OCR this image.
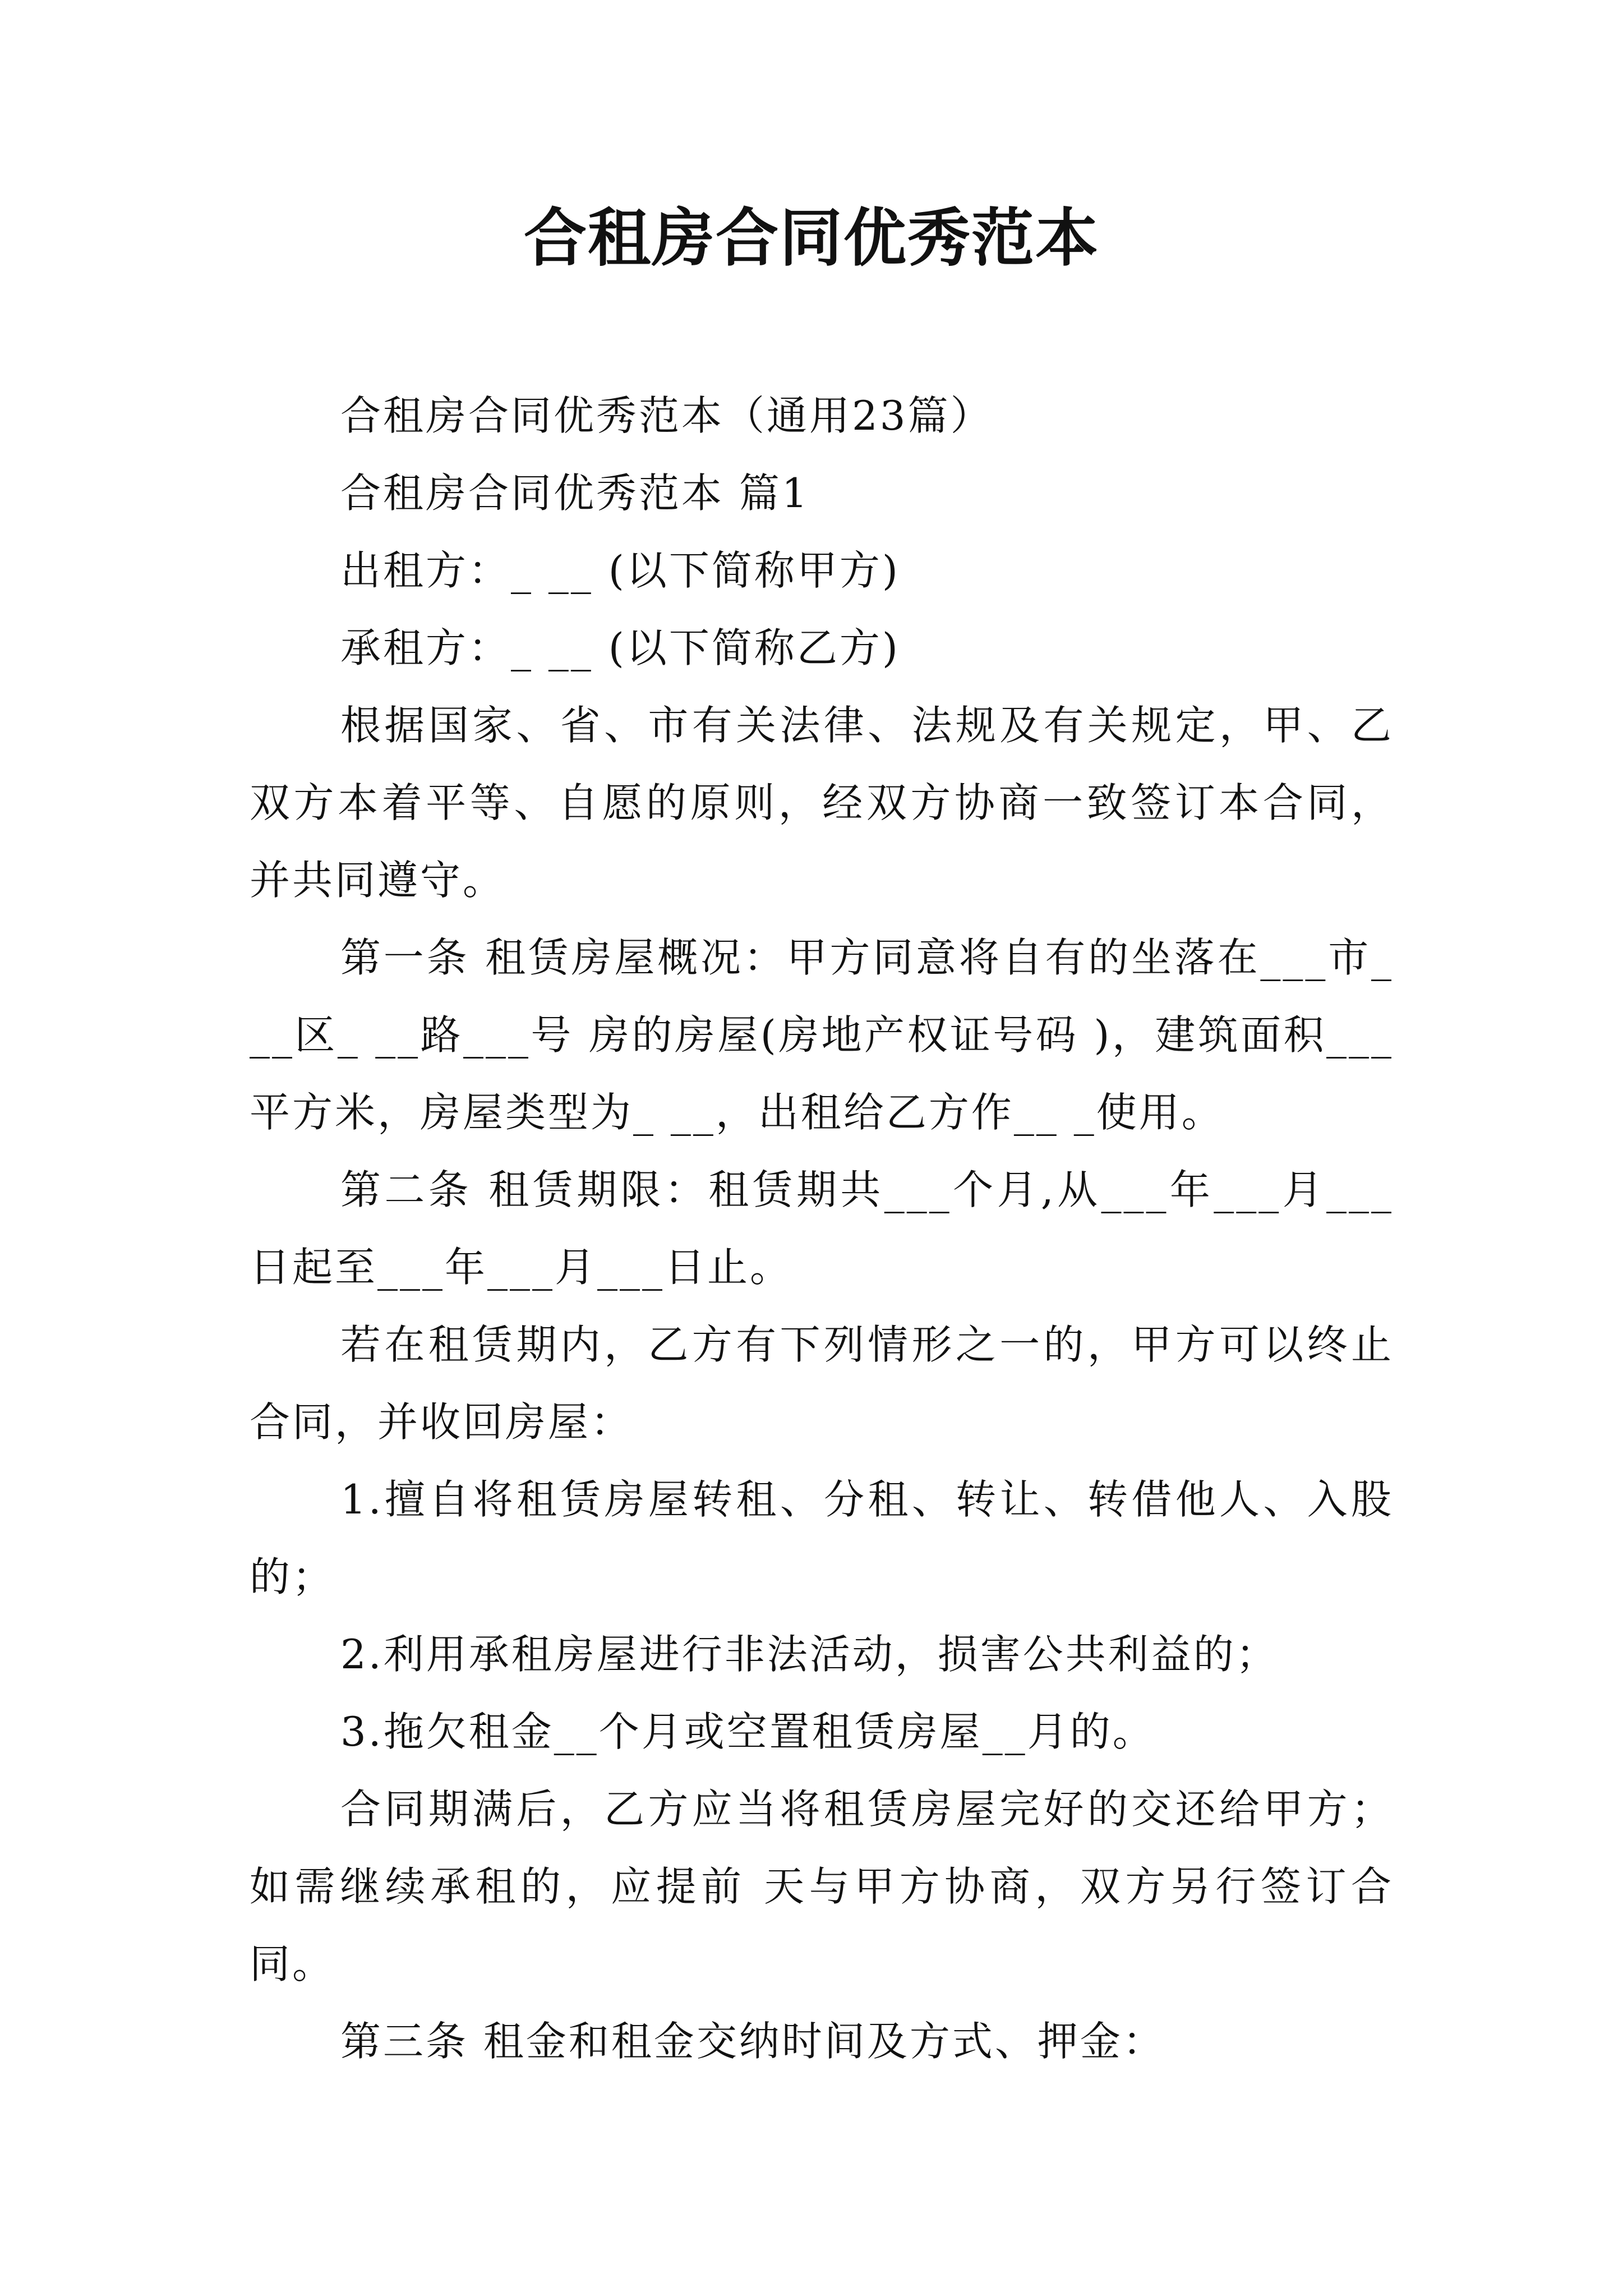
合租房合同优秀范本

合租房合同优秀范本（通用23篇）

合租房合同优秀范本 篇1

出租方：_ __ (以下简称甲方)

承租方：_ __ (以下简称乙方)

根据国家、省、市有关法律、法规及有关规定，甲、乙双方本着平等、自愿的原则，经双方协商一致签订本合同，并共同遵守。

第一条 租赁房屋概况：甲方同意将自有的坐落在___市___区_ __路___号 房的房屋(房地产权证号码 )，建筑面积___平方米，房屋类型为_ __，出租给乙方作__ _使用。

第二条 租赁期限：租赁期共___个月,从___年___月___日起至___年___月___日止。

若在租赁期内，乙方有下列情形之一的，甲方可以终止合同，并收回房屋：

1.擅自将租赁房屋转租、分租、转让、转借他人、入股的；

2.利用承租房屋进行非法活动，损害公共利益的；

3.拖欠租金__个月或空置租赁房屋__月的。

合同期满后，乙方应当将租赁房屋完好的交还给甲方；如需继续承租的，应提前 天与甲方协商，双方另行签订合同。

第三条 租金和租金交纳时间及方式、押金：
